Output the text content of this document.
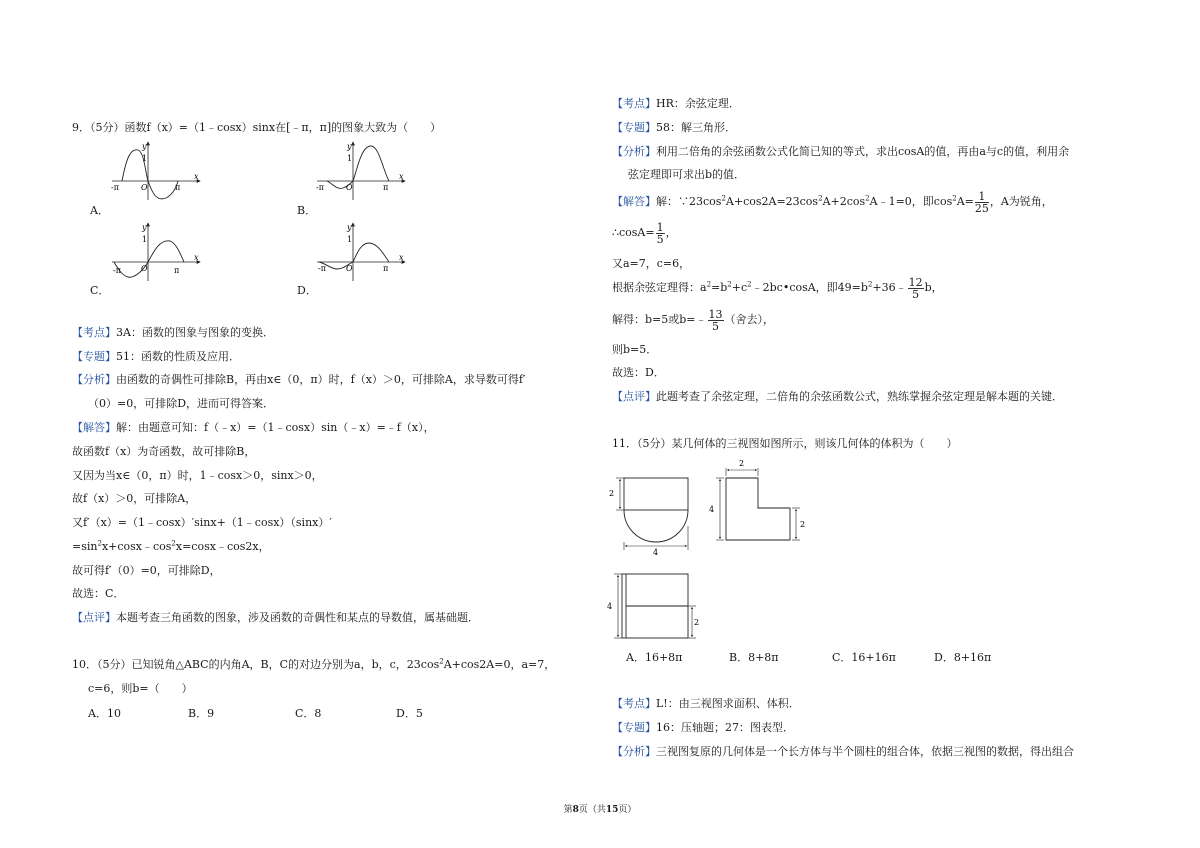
9．（5分）函数f（x）=（1﹣cosx）sinx在[﹣π，π]的图象大致为（　　）
y
x
1
O
-π	π
A．
y
x
1
O
-π	π
B．
y
x
1
O
-π	π
C．
y
x
1
O
-π	π
D．
【考点】3A：函数的图象与图象的变换．
【专题】51：函数的性质及应用．
【分析】由函数的奇偶性可排除B，再由x∈（0，π）时，f（x）＞0，可排除A，求导数可得f′
（0）=0，可排除D，进而可得答案．
【解答】解：由题意可知：f（﹣x）=（1﹣cosx）sin（﹣x）=﹣f（x），
故函数f（x）为奇函数，故可排除B，
又因为当x∈（0，π）时，1﹣cosx＞0，sinx＞0，
故f（x）＞0，可排除A，
又f′（x）=（1﹣cosx）′sinx+（1﹣cosx）（sinx）′
$=\sin^2x+\cos x﹣\cos^2x=\cos x﹣\cos 2x$，
故可得f′（0）=0，可排除D，
故选：C．
【点评】本题考查三角函数的图象，涉及函数的奇偶性和某点的导数值，属基础题．
10．（5分）已知锐角△ABC的内角A，B，C的对边分别为a，b，c，$23\cos^2A+\cos 2A=0$，a=7，
c=6，则b=（　　）
A．10	B．9	C．8	D．5
【考点】HR：余弦定理．
【专题】58：解三角形．
【分析】利用二倍角的余弦函数公式化简已知的等式，求出cosA的值，再由a与c的值，利用余
弦定理即可求出b的值．
【解答】解：$\because 23\cos^2A+\cos 2A=23\cos^2A+2\cos^2A﹣1=0$，即$\cos^2A= \frac{1}{25}$ ，A为锐角，
∴cosA= $\frac{1}{5}$ ，
又a=7，c=6，
根据余弦定理得：$a^2=b^2+c^2﹣2bc•\cos A$，即$49=b^2+36﹣ \frac{12}{5}$ b，
解得：b=5或b=﹣ $\frac{13}{5}$ （舍去），
则b=5．
故选：D．
【点评】此题考查了余弦定理，二倍角的余弦函数公式，熟练掌握余弦定理是解本题的关键．
11．（5分）某几何体的三视图如图所示，则该几何体的体积为（　　）
2
4
2
4
2
4
2
A．16+8π	B．8+8π	C．16+16π	D．8+16π
【考点】L!：由三视图求面积、体积．
【专题】16：压轴题；27：图表型．
【分析】三视图复原的几何体是一个长方体与半个圆柱的组合体，依据三视图的数据，得出组合
第8页（共15页）
